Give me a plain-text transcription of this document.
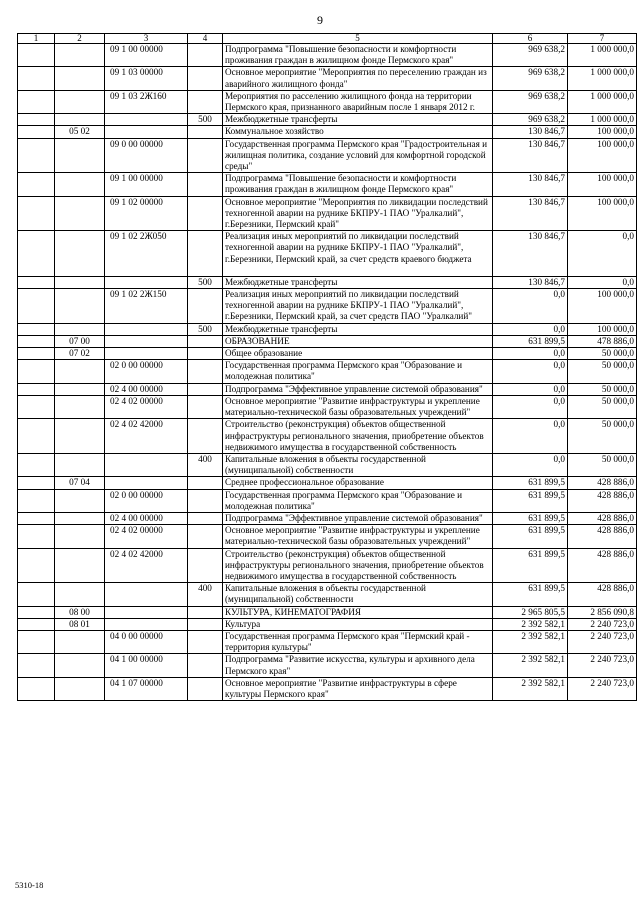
9
1	2	3	4	5	6	7
		09 1 00 00000		Подпрограмма "Повышение безопасности и комфортности проживания граждан в жилищном фонде Пермского края"	969 638,2	1 000 000,0
		09 1 03 00000		Основное мероприятие "Мероприятия по переселению граждан из аварийного жилищного фонда"	969 638,2	1 000 000,0
		09 1 03 2Ж160		Мероприятия по расселению жилищного фонда на территории Пермского края, признанного аварийным после 1 января 2012 г.	969 638,2	1 000 000,0
			500	Межбюджетные трансферты	969 638,2	1 000 000,0
	05 02			Коммунальное хозяйство	130 846,7	100 000,0
		09 0 00 00000		Государственная программа Пермского края "Градостроительная и жилищная политика, создание условий для комфортной городской среды"	130 846,7	100 000,0
		09 1 00 00000		Подпрограмма "Повышение безопасности и комфортности проживания граждан в жилищном фонде Пермского края"	130 846,7	100 000,0
		09 1 02 00000		Основное мероприятие "Мероприятия по ликвидации последствий техногенной аварии на руднике БКПРУ-1 ПАО "Уралкалий", г.Березники, Пермский край"	130 846,7	100 000,0
		09 1 02 2Ж050		Реализация иных мероприятий по ликвидации последствий техногенной аварии на руднике БКПРУ-1 ПАО "Уралкалий", г.Березники, Пермский край, за счет средств краевого бюджета	130 846,7	0,0
			500	Межбюджетные трансферты	130 846,7	0,0
		09 1 02 2Ж150		Реализация иных мероприятий по ликвидации последствий техногенной аварии на руднике БКПРУ-1 ПАО "Уралкалий", г.Березники, Пермский край, за счет средств ПАО "Уралкалий"	0,0	100 000,0
			500	Межбюджетные трансферты	0,0	100 000,0
	07 00			ОБРАЗОВАНИЕ	631 899,5	478 886,0
	07 02			Общее образование	0,0	50 000,0
		02 0 00 00000		Государственная программа Пермского края "Образование и молодежная политика"	0,0	50 000,0
		02 4 00 00000		Подпрограмма "Эффективное управление системой образования"	0,0	50 000,0
		02 4 02 00000		Основное мероприятие "Развитие инфраструктуры и укрепление материально-технической базы образовательных учреждений"	0,0	50 000,0
		02 4 02 42000		Строительство (реконструкция) объектов общественной инфраструктуры регионального значения, приобретение объектов недвижимого имущества в государственной собственность	0,0	50 000,0
			400	Капитальные вложения в объекты государственной (муниципальной) собственности	0,0	50 000,0
	07 04			Среднее профессиональное образование	631 899,5	428 886,0
		02 0 00 00000		Государственная программа Пермского края "Образование и молодежная политика"	631 899,5	428 886,0
		02 4 00 00000		Подпрограмма "Эффективное управление системой образования"	631 899,5	428 886,0
		02 4 02 00000		Основное мероприятие "Развитие инфраструктуры и укрепление материально-технической базы образовательных учреждений"	631 899,5	428 886,0
		02 4 02 42000		Строительство (реконструкция) объектов общественной инфраструктуры регионального значения, приобретение объектов недвижимого имущества в государственной собственность	631 899,5	428 886,0
			400	Капитальные вложения в объекты государственной (муниципальной) собственности	631 899,5	428 886,0
	08 00			КУЛЬТУРА, КИНЕМАТОГРАФИЯ	2 965 805,5	2 856 090,8
	08 01			Культура	2 392 582,1	2 240 723,0
		04 0 00 00000		Государственная программа Пермского края "Пермский край - территория культуры"	2 392 582,1	2 240 723,0
		04 1 00 00000		Подпрограмма "Развитие искусства, культуры и архивного дела Пермского края"	2 392 582,1	2 240 723,0
		04 1 07 00000		Основное мероприятие "Развитие инфраструктуры в сфере культуры Пермского края"	2 392 582,1	2 240 723,0
5310-18
